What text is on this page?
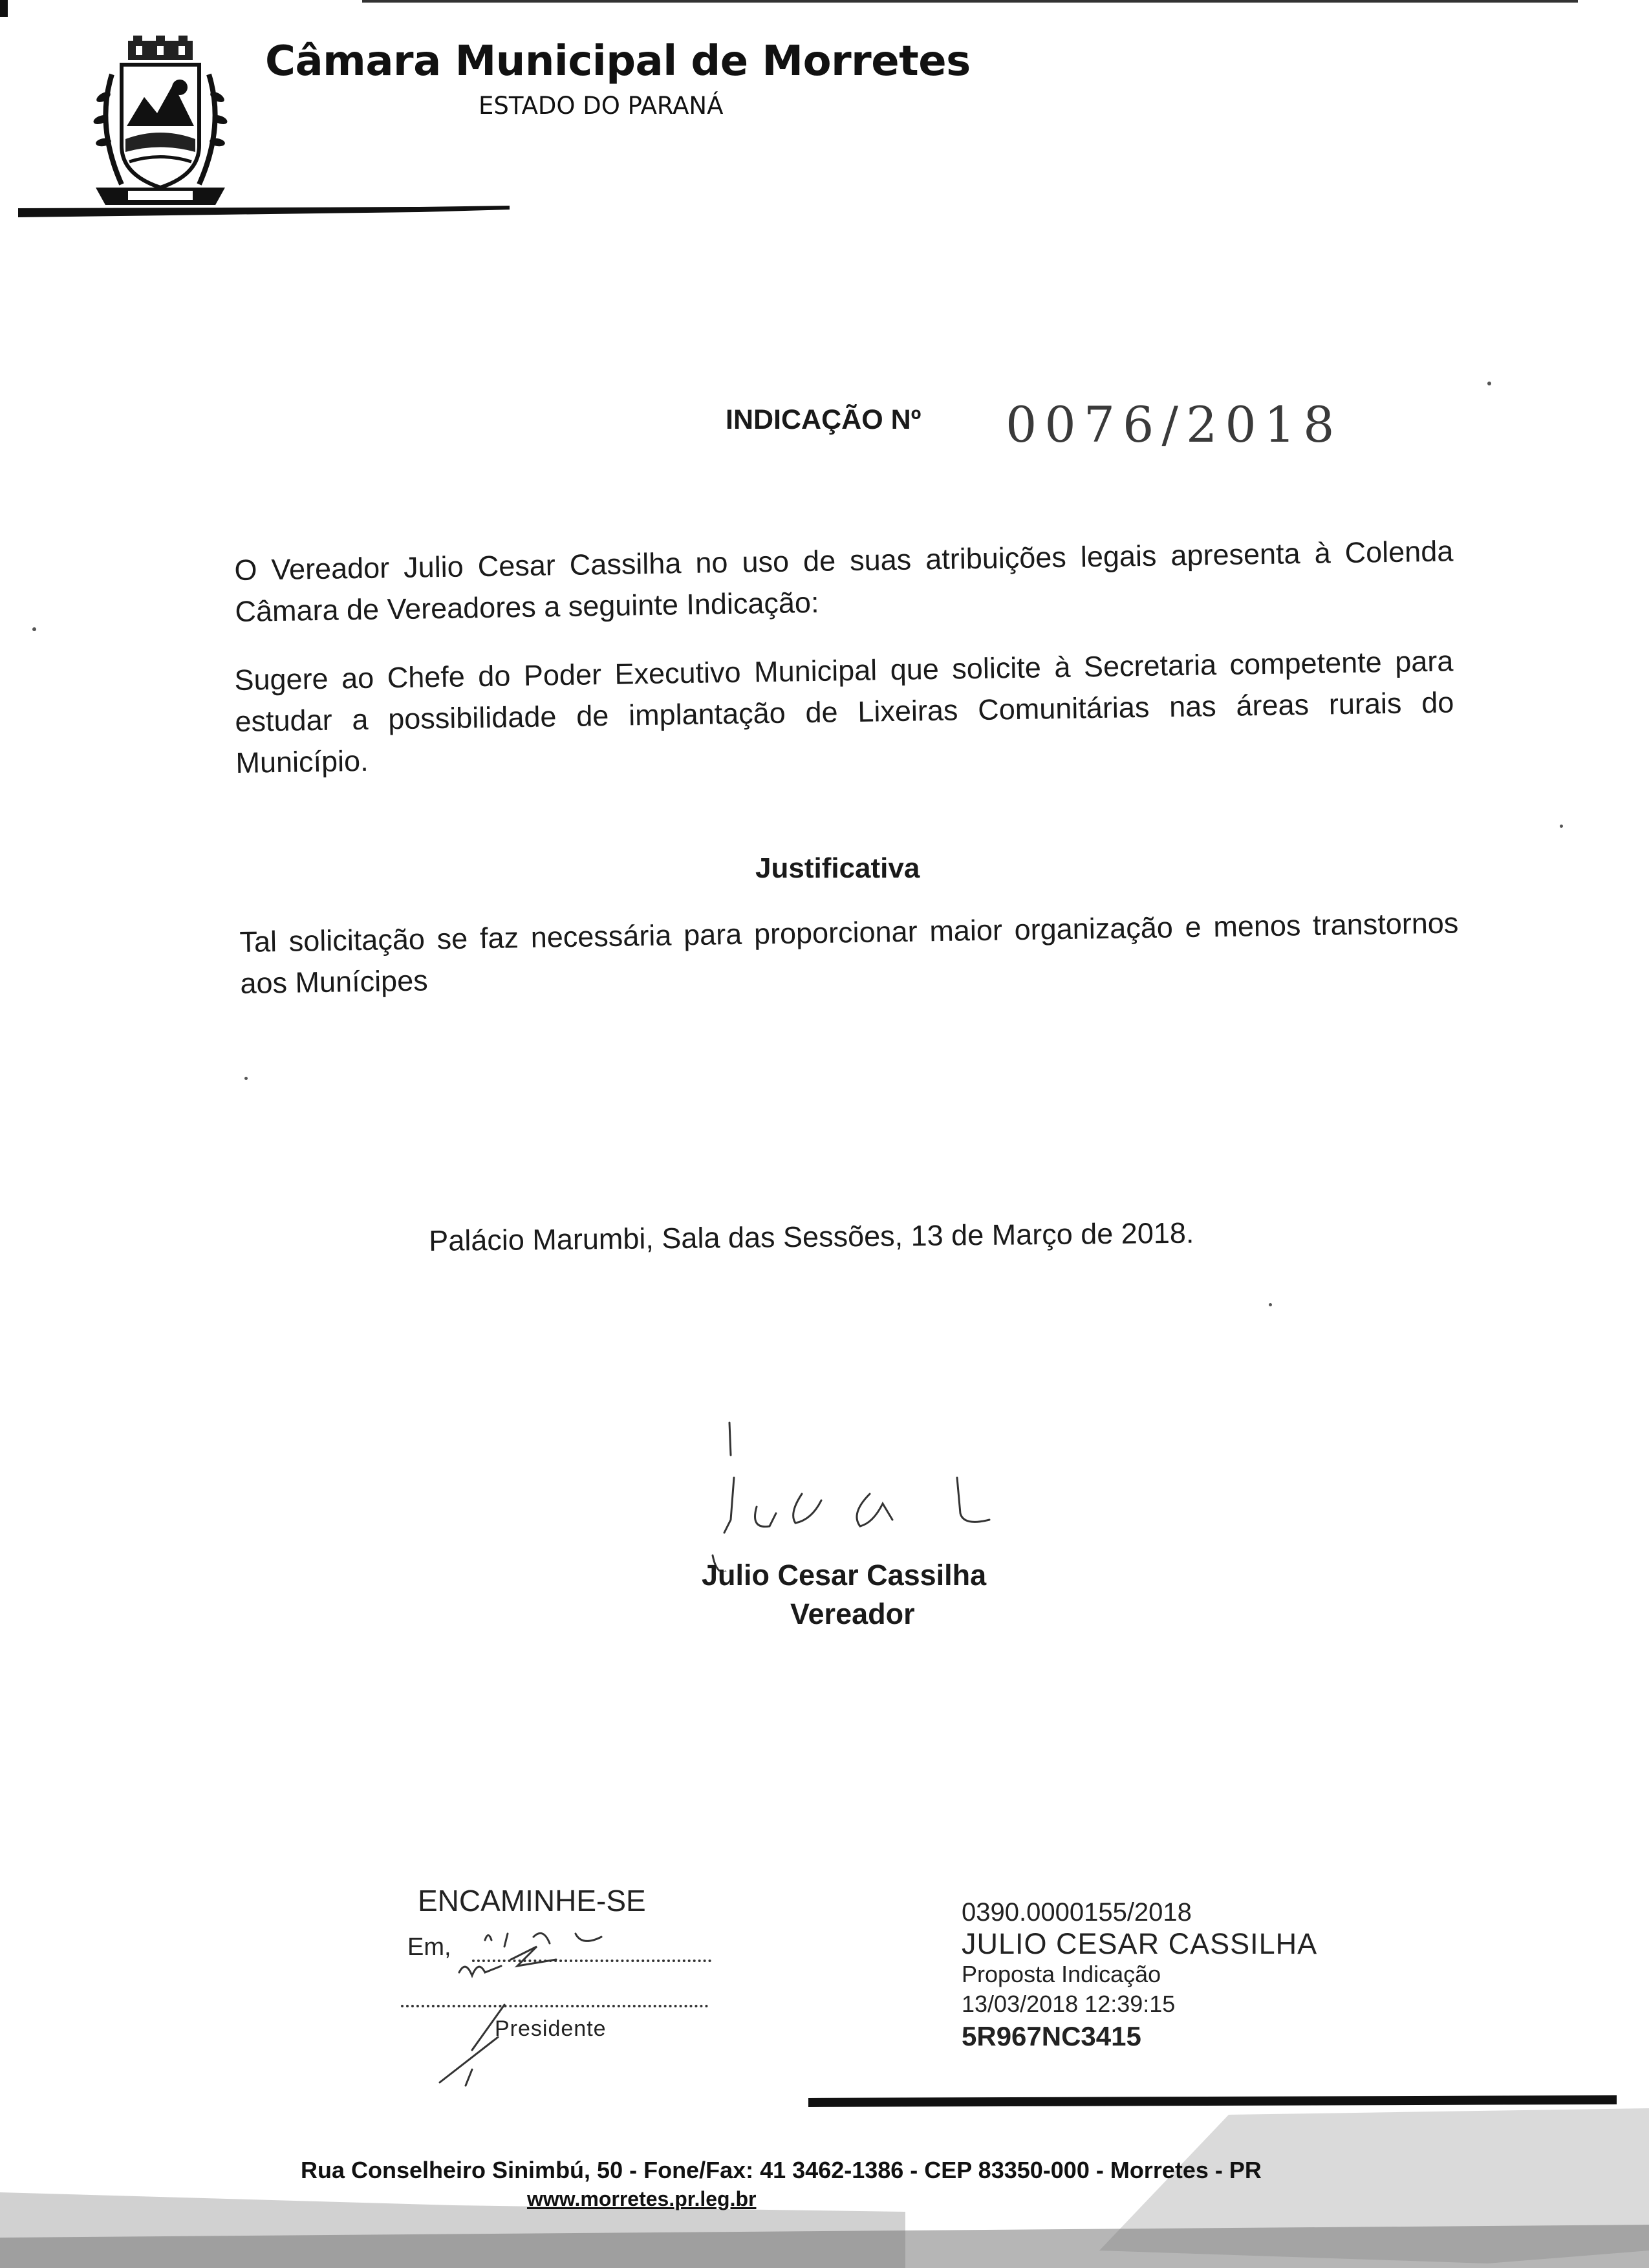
Câmara Municipal de Morretes
ESTADO DO PARANÁ
INDICAÇÃO Nº 0076/2018
O Vereador Julio Cesar Cassilha no uso de suas atribuições legais apresenta à Colenda Câmara de Vereadores a seguinte Indicação:
Sugere ao Chefe do Poder Executivo Municipal que solicite à Secretaria competente para estudar a possibilidade de implantação de Lixeiras Comunitárias nas áreas rurais do Município.
Justificativa
Tal solicitação se faz necessária para proporcionar maior organização e menos transtornos aos Munícipes
Palácio Marumbi, Sala das Sessões, 13 de Março de 2018.
Julio Cesar Cassilha
Vereador
ENCAMINHE-SE
Em,
Presidente
0390.0000155/2018
JULIO CESAR CASSILHA
Proposta Indicação
13/03/2018 12:39:15
5R967NC3415
Rua Conselheiro Sinimbú, 50 - Fone/Fax: 41 3462-1386 - CEP 83350-000 - Morretes - PR
www.morretes.pr.leg.br
